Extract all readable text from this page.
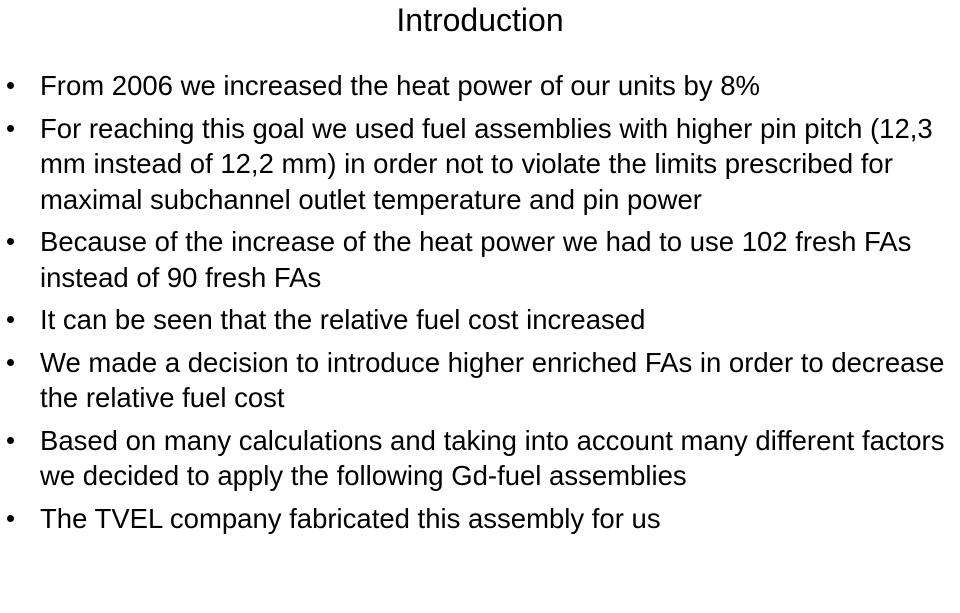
Introduction
From 2006 we increased the heat power of our units by 8%
For reaching this goal we used fuel assemblies with higher pin pitch (12,3 mm instead of 12,2 mm) in order not to violate the limits prescribed for maximal subchannel outlet temperature and pin power
Because of the increase of the heat power we had to use 102 fresh FAs instead of 90 fresh FAs
It can be seen that the relative fuel cost increased
We made a decision to introduce higher enriched FAs in order to decrease the relative fuel cost
Based on many calculations and taking into account many different factors we decided to apply the following Gd-fuel assemblies
The TVEL company fabricated this assembly for us
